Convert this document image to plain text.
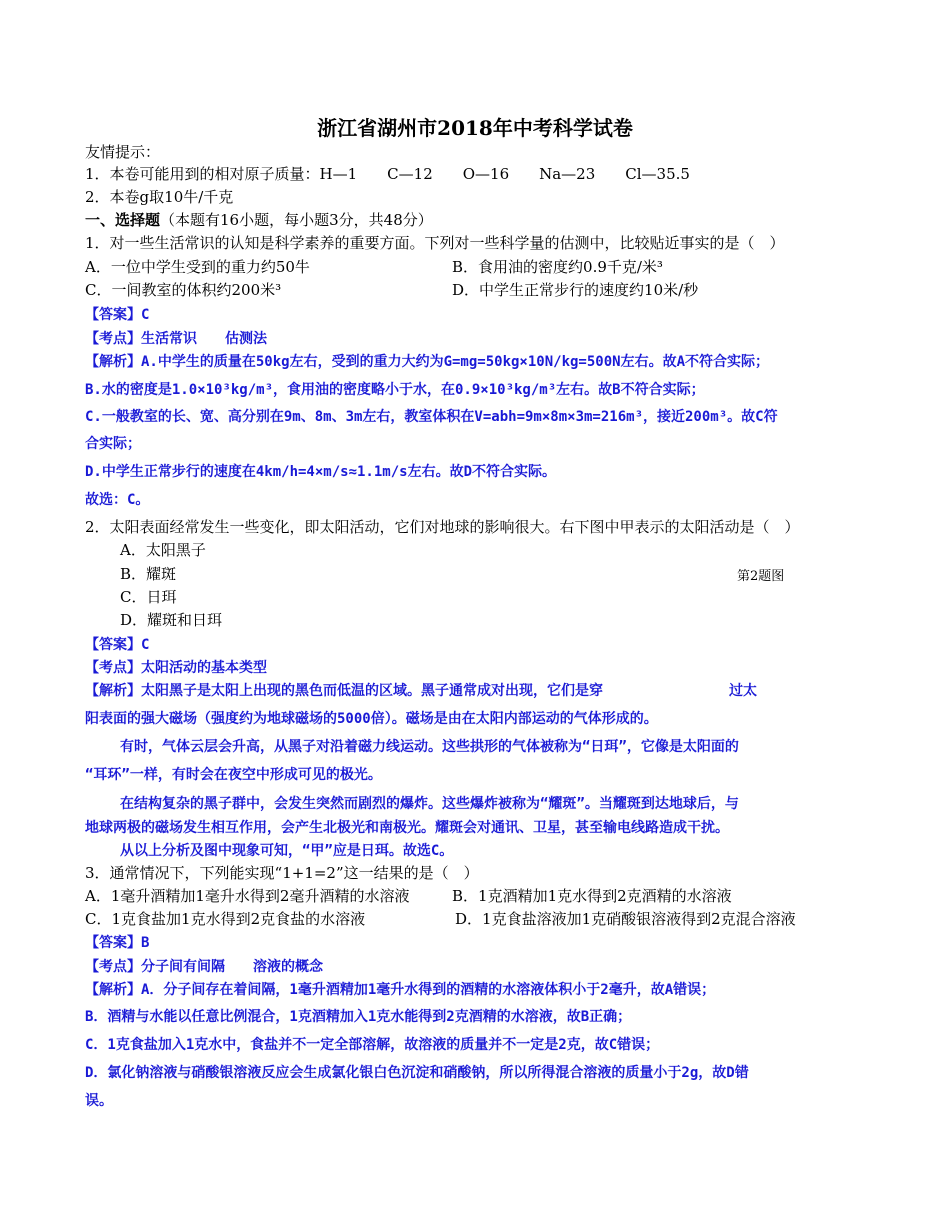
浙江省湖州市2018年中考科学试卷
友情提示：
1．本卷可能用到的相对原子质量：H—1　　C—12　　O—16　　Na—23　　Cl—35.5
2．本卷g取10牛/千克
一、选择题（本题有16小题，每小题3分，共48分）
1．对一些生活常识的认知是科学素养的重要方面。下列对一些科学量的估测中，比较贴近事实的是（　）
A．一位中学生受到的重力约50牛	B．食用油的密度约0.9千克/米³
C．一间教室的体积约200米³	D．中学生正常步行的速度约10米/秒
【答案】C
【考点】生活常识　　估测法
【解析】A.中学生的质量在50kg左右，受到的重力大约为G=mg=50kg×10N/kg=500N左右。故A不符合实际；
B.水的密度是1.0×10³kg/m³，食用油的密度略小于水，在0.9×10³kg/m³左右。故B不符合实际；
C.一般教室的长、宽、高分别在9m、8m、3m左右，教室体积在V=abh=9m×8m×3m=216m³，接近200m³。故C符
合实际；
D.中学生正常步行的速度在4km/h=4×m/s≈1.1m/s左右。故D不符合实际。
故选：C。
2．太阳表面经常发生一些变化，即太阳活动，它们对地球的影响很大。右下图中甲表示的太阳活动是（　）
A．太阳黑子
B．耀斑	第2题图
C．日珥
D．耀斑和日珥
【答案】C
【考点】太阳活动的基本类型
【解析】太阳黑子是太阳上出现的黑色而低温的区域。黑子通常成对出现，它们是穿　　　　　　　　　过太
阳表面的强大磁场（强度约为地球磁场的5000倍）。磁场是由在太阳内部运动的气体形成的。
有时，气体云层会升高，从黑子对沿着磁力线运动。这些拱形的气体被称为“日珥”，它像是太阳面的
“耳环”一样，有时会在夜空中形成可见的极光。
在结构复杂的黑子群中，会发生突然而剧烈的爆炸。这些爆炸被称为“耀斑”。当耀斑到达地球后，与
地球两极的磁场发生相互作用，会产生北极光和南极光。耀斑会对通讯、卫星，甚至输电线路造成干扰。
从以上分析及图中现象可知，“甲”应是日珥。故选C。
3．通常情况下，下列能实现“1+1=2”这一结果的是（　）
A．1毫升酒精加1毫升水得到2毫升酒精的水溶液	B．1克酒精加1克水得到2克酒精的水溶液
C．1克食盐加1克水得到2克食盐的水溶液	D．1克食盐溶液加1克硝酸银溶液得到2克混合溶液
【答案】B
【考点】分子间有间隔　　溶液的概念
【解析】A．分子间存在着间隔，1毫升酒精加1毫升水得到的酒精的水溶液体积小于2毫升，故A错误；
B．酒精与水能以任意比例混合，1克酒精加入1克水能得到2克酒精的水溶液，故B正确；
C．1克食盐加入1克水中，食盐并不一定全部溶解，故溶液的质量并不一定是2克，故C错误；
D．氯化钠溶液与硝酸银溶液反应会生成氯化银白色沉淀和硝酸钠，所以所得混合溶液的质量小于2g，故D错
误。
